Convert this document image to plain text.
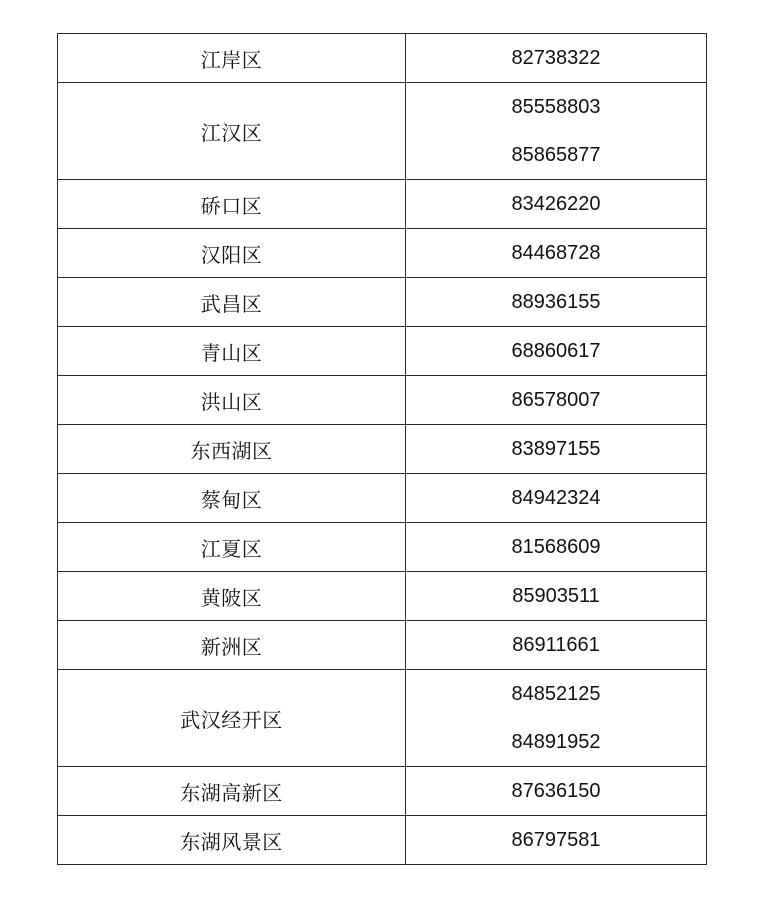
江岸区	82738322

江汉区	85558803
85865877

硚口区	83426220

汉阳区	84468728

武昌区	88936155

青山区	68860617

洪山区	86578007

东西湖区	83897155

蔡甸区	84942324

江夏区	81568609

黄陂区	85903511

新洲区	86911661

武汉经开区	84852125
84891952

东湖高新区	87636150

东湖风景区	86797581
